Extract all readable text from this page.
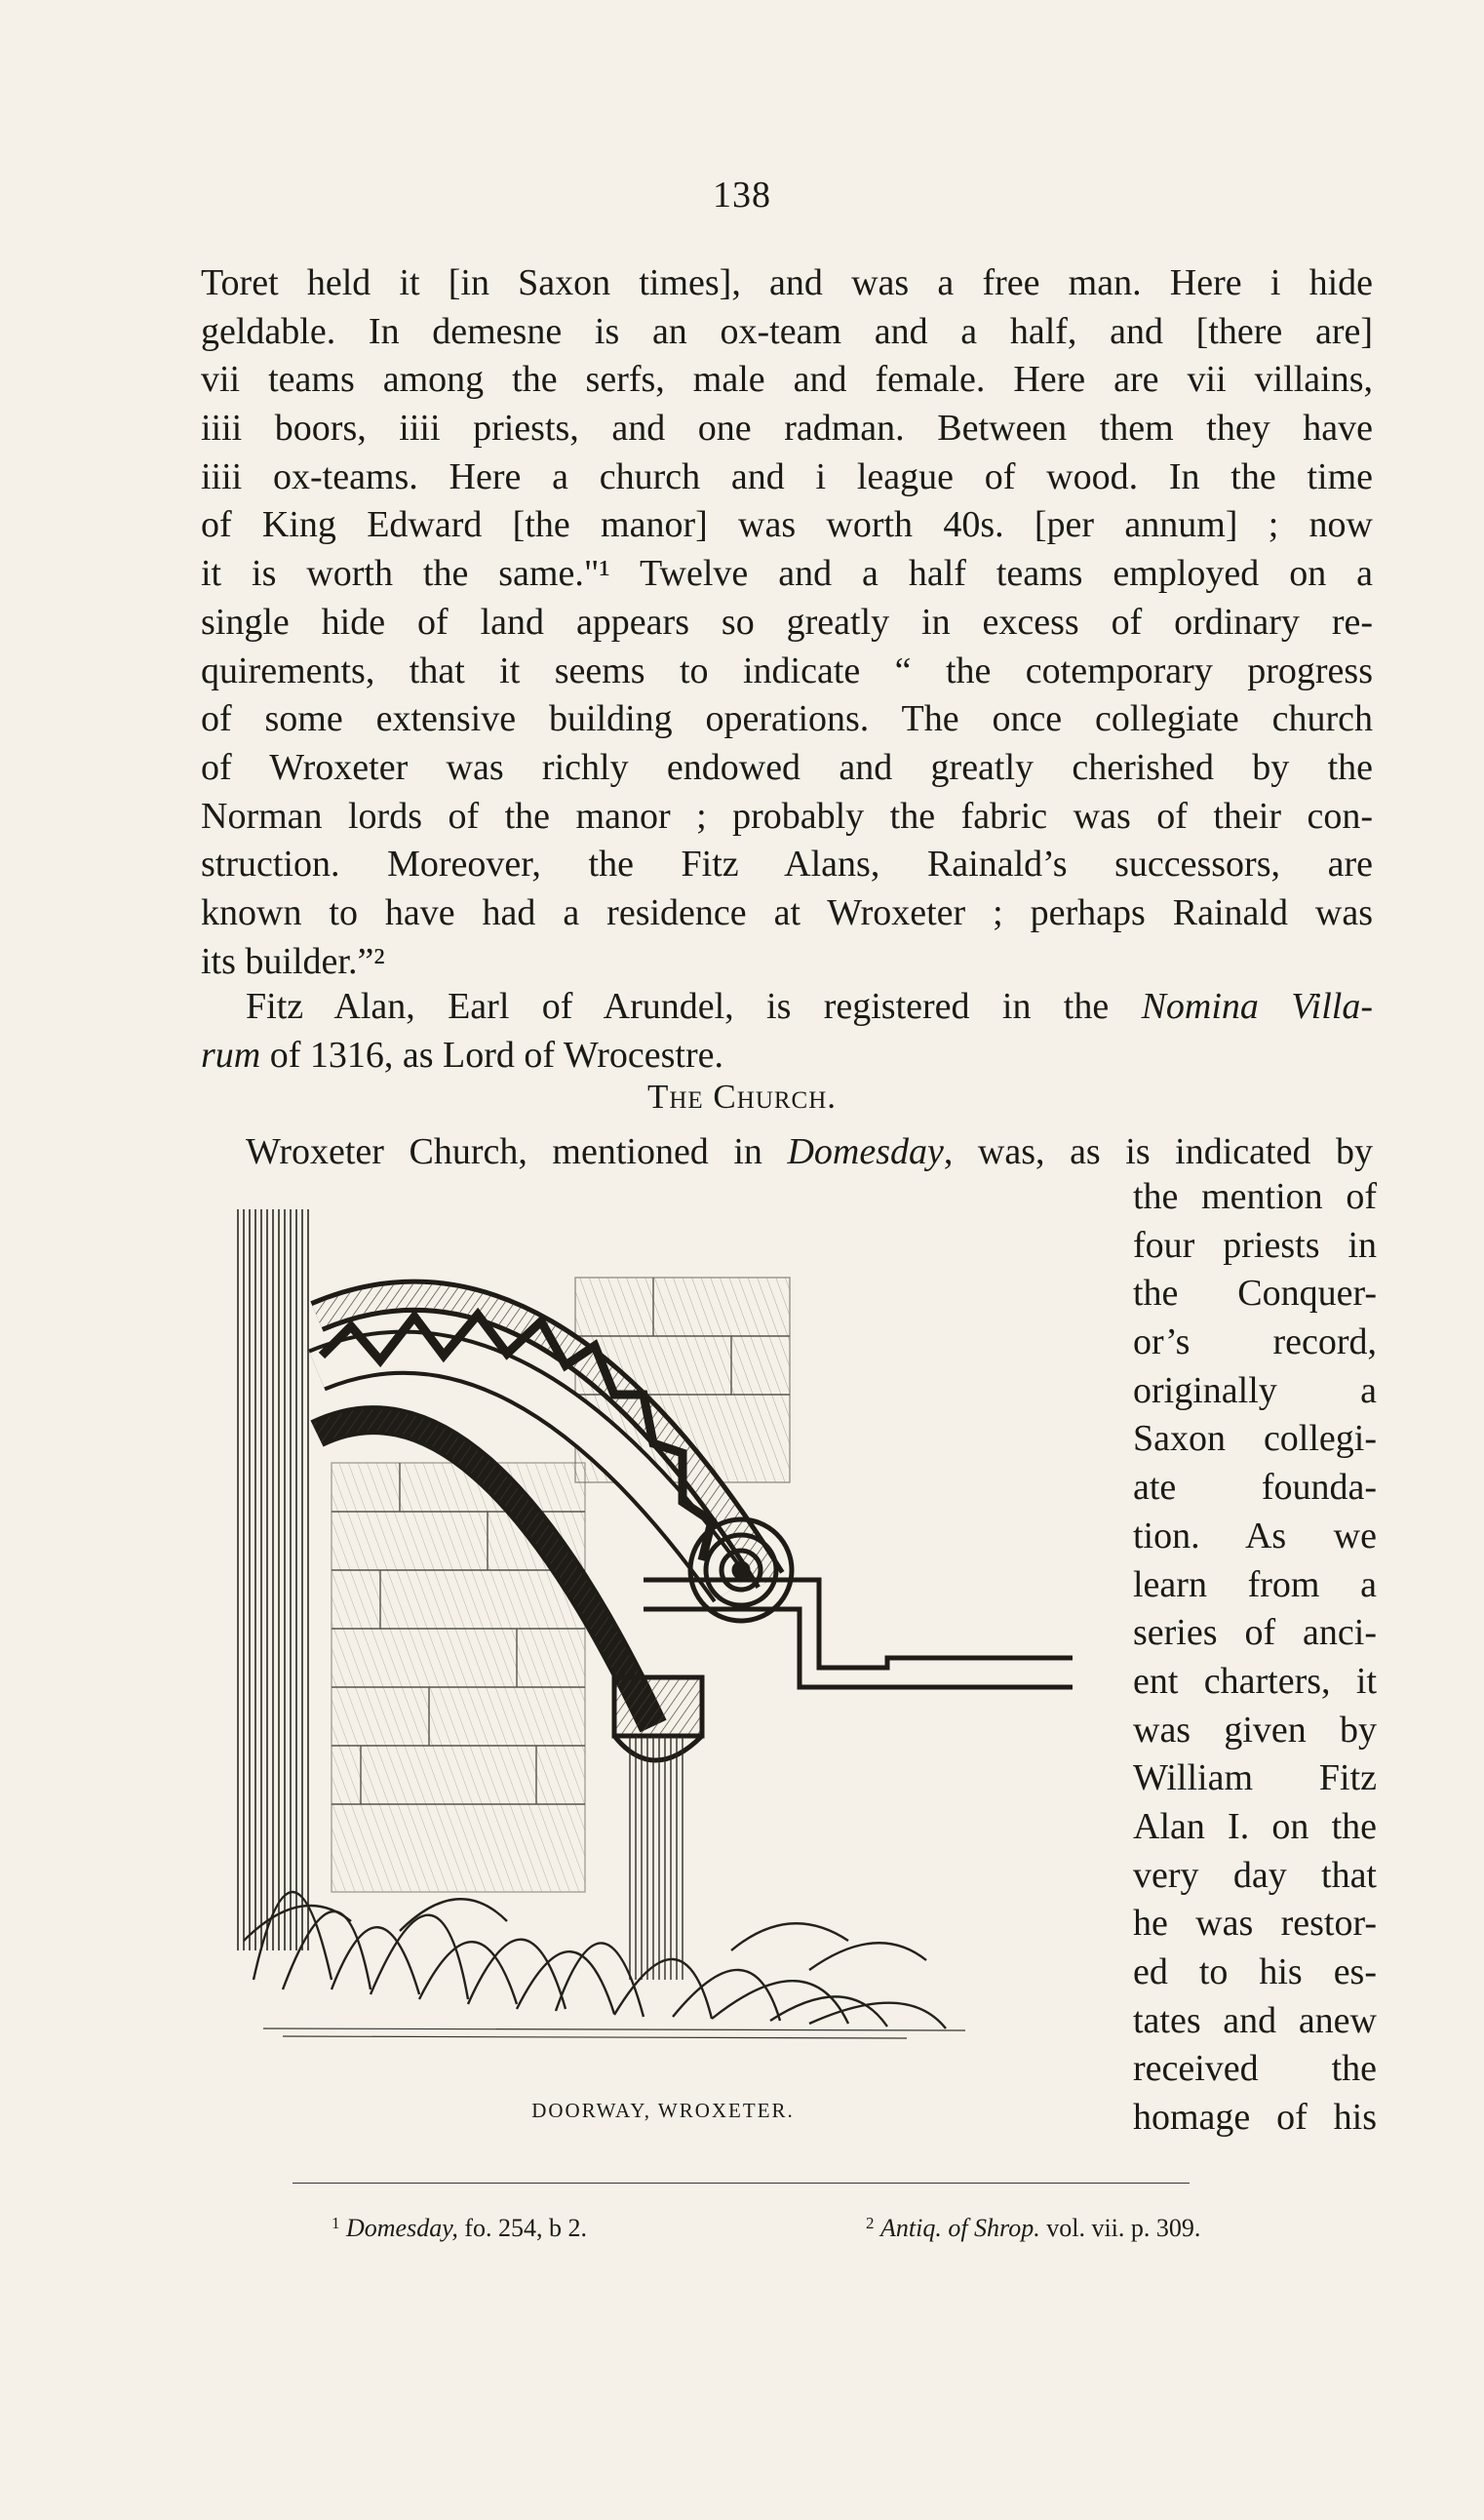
138
Toret held it [in Saxon times], and was a free man. Here i hide
geldable. In demesne is an ox-team and a half, and [there are]
vii teams among the serfs, male and female. Here are vii villains,
iiii boors, iiii priests, and one radman. Between them they have
iiii ox-teams. Here a church and i league of wood. In the time
of King Edward [the manor] was worth 40s. [per annum] ; now
it is worth the same."¹ Twelve and a half teams employed on a
single hide of land appears so greatly in excess of ordinary re-
quirements, that it seems to indicate “ the cotemporary progress
of some extensive building operations. The once collegiate church
of Wroxeter was richly endowed and greatly cherished by the
Norman lords of the manor ; probably the fabric was of their con-
struction. Moreover, the Fitz Alans, Rainald’s successors, are
known to have had a residence at Wroxeter ; perhaps Rainald was
its builder.”²
Fitz Alan, Earl of Arundel, is registered in the Nomina Villa-
rum of 1316, as Lord of Wrocestre.
The Church.
Wroxeter Church, mentioned in Domesday, was, as is indicated by
DOORWAY, WROXETER.
the mention of
four priests in
the Conquer-
or’s record,
originally a
Saxon collegi-
ate founda-
tion. As we
learn from a
series of anci-
ent charters, it
was given by
William Fitz
Alan I. on the
very day that
he was restor-
ed to his es-
tates and anew
received the
homage of his
$^1$ Domesday, fo. 254, b 2.	$^2$ Antiq. of Shrop. vol. vii. p. 309.
